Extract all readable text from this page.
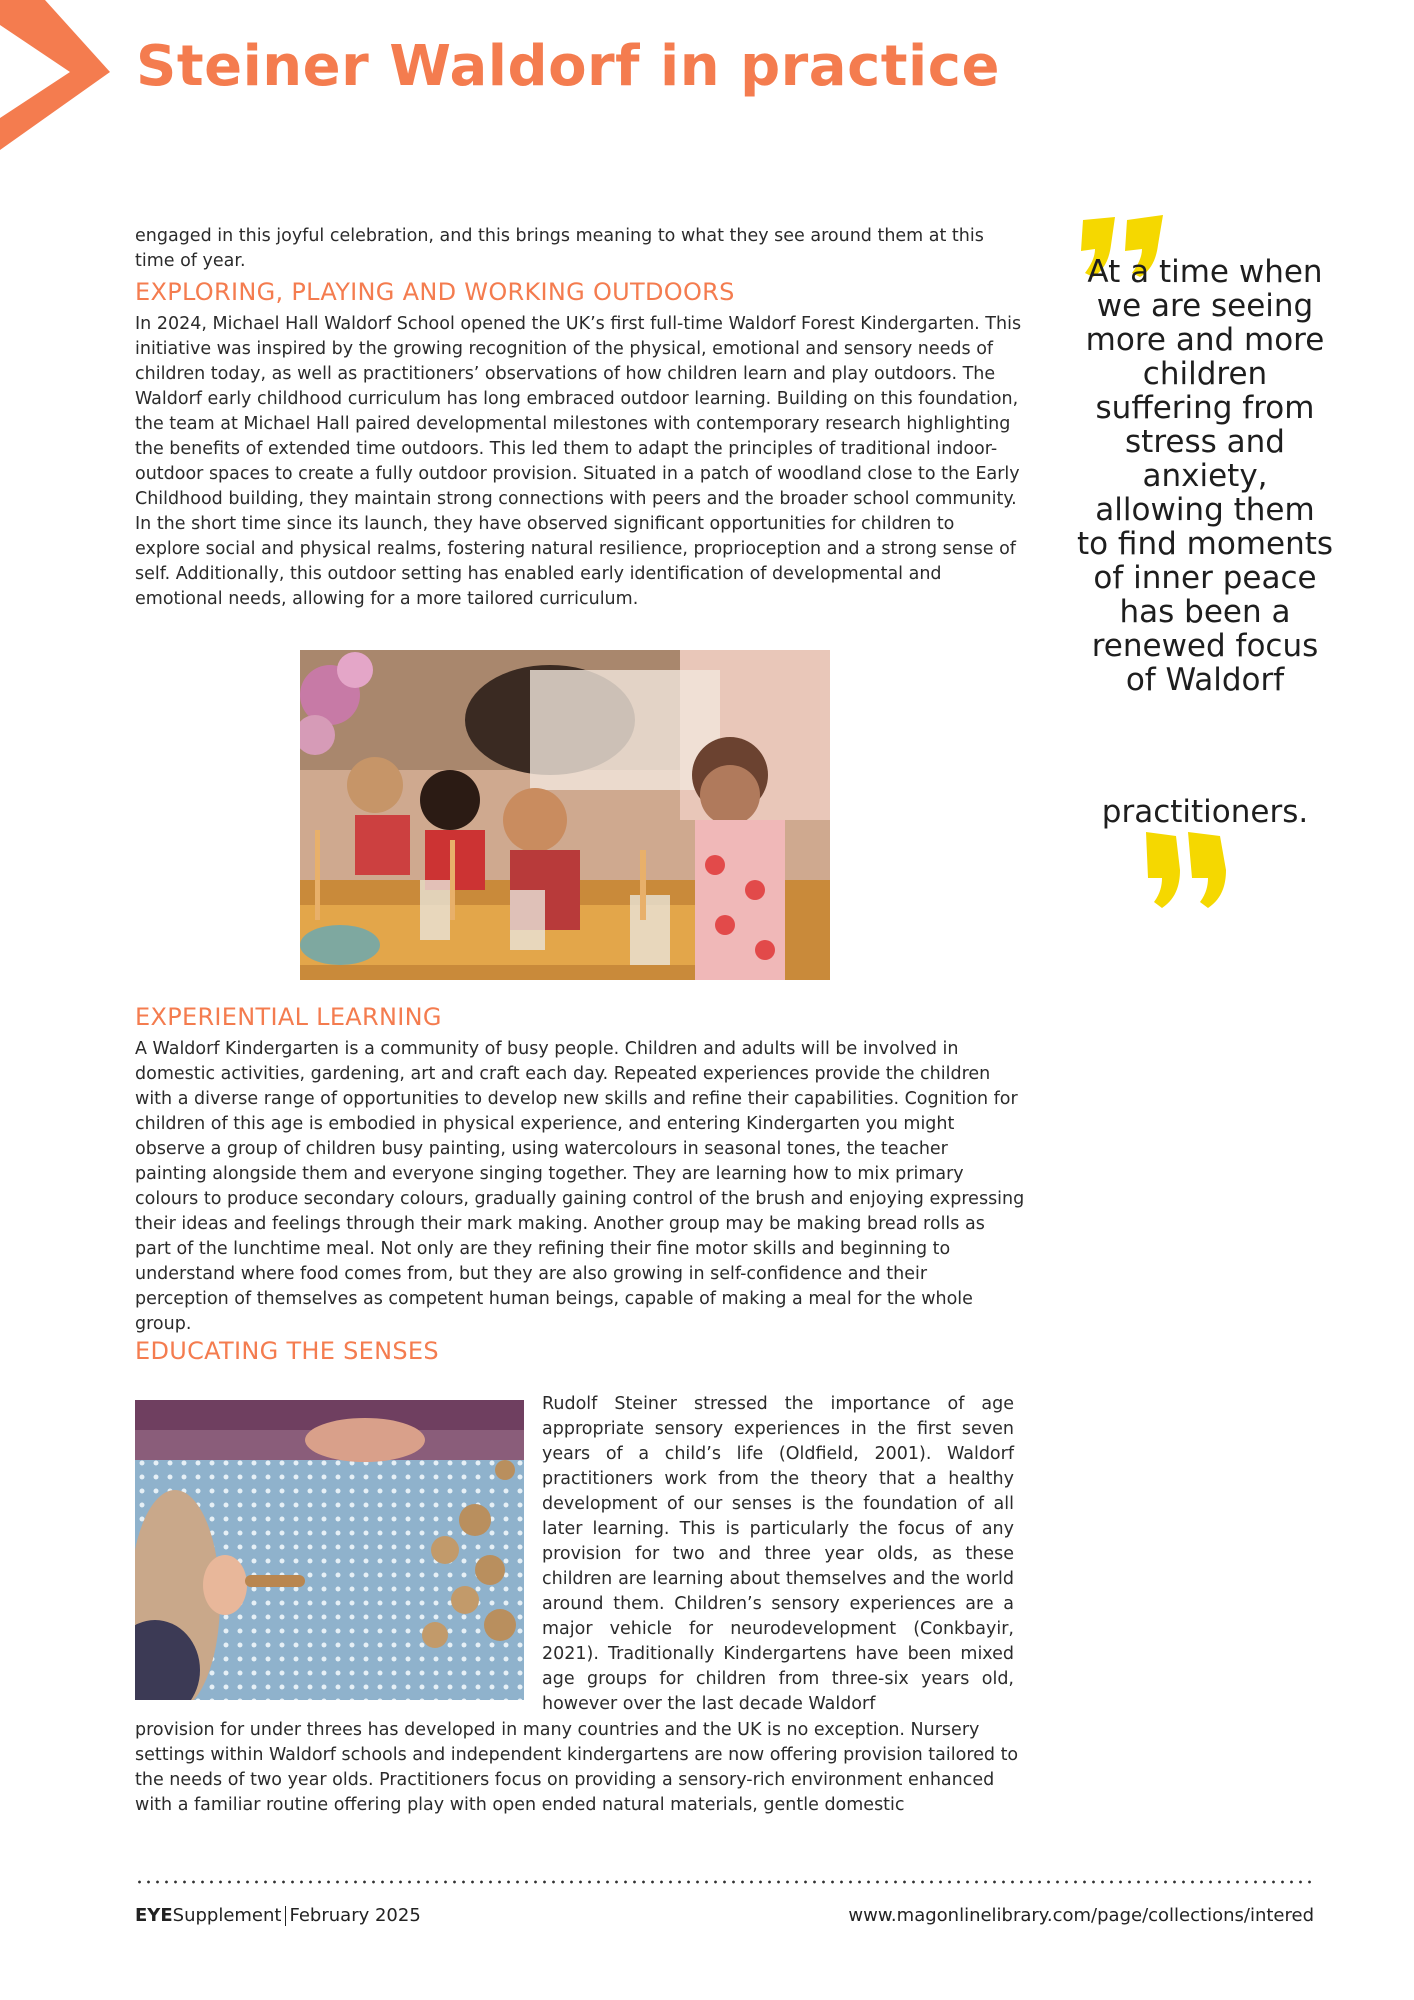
Steiner Waldorf in practice

engaged in this joyful celebration, and this brings meaning to what they see around them at this time of year.

EXPLORING, PLAYING AND WORKING OUTDOORS

In 2024, Michael Hall Waldorf School opened the UK’s first full-time Waldorf Forest Kindergarten. This initiative was inspired by the growing recognition of the physical, emotional and sensory needs of children today, as well as practitioners’ observations of how children learn and play outdoors. The Waldorf early childhood curriculum has long embraced outdoor learning. Building on this foundation, the team at Michael Hall paired developmental milestones with contemporary research highlighting the benefits of extended time outdoors. This led them to adapt the principles of traditional indoor-outdoor spaces to create a fully outdoor provision. Situated in a patch of woodland close to the Early Childhood building, they maintain strong connections with peers and the broader school community. In the short time since its launch, they have observed significant opportunities for children to explore social and physical realms, fostering natural resilience, proprioception and a strong sense of self. Additionally, this outdoor setting has enabled early identification of developmental and emotional needs, allowing for a more tailored curriculum.

EXPERIENTIAL LEARNING

A Waldorf Kindergarten is a community of busy people. Children and adults will be involved in domestic activities, gardening, art and craft each day. Repeated experiences provide the children with a diverse range of opportunities to develop new skills and refine their capabilities. Cognition for children of this age is embodied in physical experience, and entering Kindergarten you might observe a group of children busy painting, using watercolours in seasonal tones, the teacher painting alongside them and everyone singing together. They are learning how to mix primary colours to produce secondary colours, gradually gaining control of the brush and enjoying expressing their ideas and feelings through their mark making. Another group may be making bread rolls as part of the lunchtime meal. Not only are they refining their fine motor skills and beginning to understand where food comes from, but they are also growing in self-confidence and their perception of themselves as competent human beings, capable of making a meal for the whole group.

EDUCATING THE SENSES

Rudolf Steiner stressed the importance of age appropriate sensory experiences in the first seven years of a child’s life (Oldfield, 2001). Waldorf practitioners work from the theory that a healthy development of our senses is the foundation of all later learning. This is particularly the focus of any provision for two and three year olds, as these children are learning about themselves and the world around them. Children’s sensory experiences are a major vehicle for neurodevelopment (Conkbayir, 2021). Traditionally Kindergartens have been mixed age groups for children from three-six years old, however over the last decade Waldorf

provision for under threes has developed in many countries and the UK is no exception. Nursery settings within Waldorf schools and independent kindergartens are now offering provision tailored to the needs of two year olds. Practitioners focus on providing a sensory-rich environment enhanced with a familiar routine offering play with open ended natural materials, gentle domestic

At a time when we are seeing more and more children suffering from stress and anxiety, allowing them to find moments of inner peace has been a renewed focus of Waldorf

practitioners.

EYESupplement February 2025	www.magonlinelibrary.com/page/collections/intered
